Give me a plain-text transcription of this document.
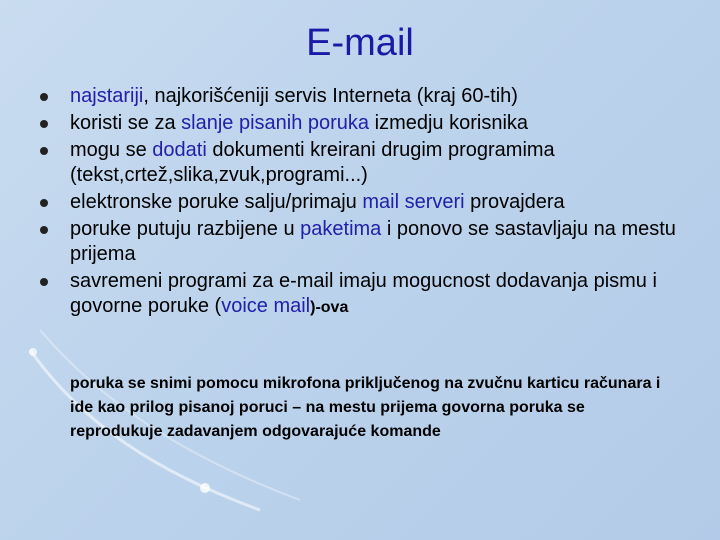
E-mail
najstariji, najkorišćeniji servis Interneta (kraj 60-tih)
koristi se za slanje pisanih poruka izmedju korisnika
mogu se dodati dokumenti kreirani drugim programima (tekst,crtež,slika,zvuk,programi...)
elektronske poruke salju/primaju mail serveri provajdera
poruke putuju razbijene u paketima i ponovo se sastavljaju na mestu prijema
savremeni programi za e-mail imaju mogucnost dodavanja pismu i govorne poruke (voice mail)-ova
poruka se snimi pomocu mikrofona priključenog na zvučnu karticu računara i ide kao prilog pisanoj poruci – na mestu prijema govorna poruka se reprodukuje zadavanjem odgovarajuće komande
